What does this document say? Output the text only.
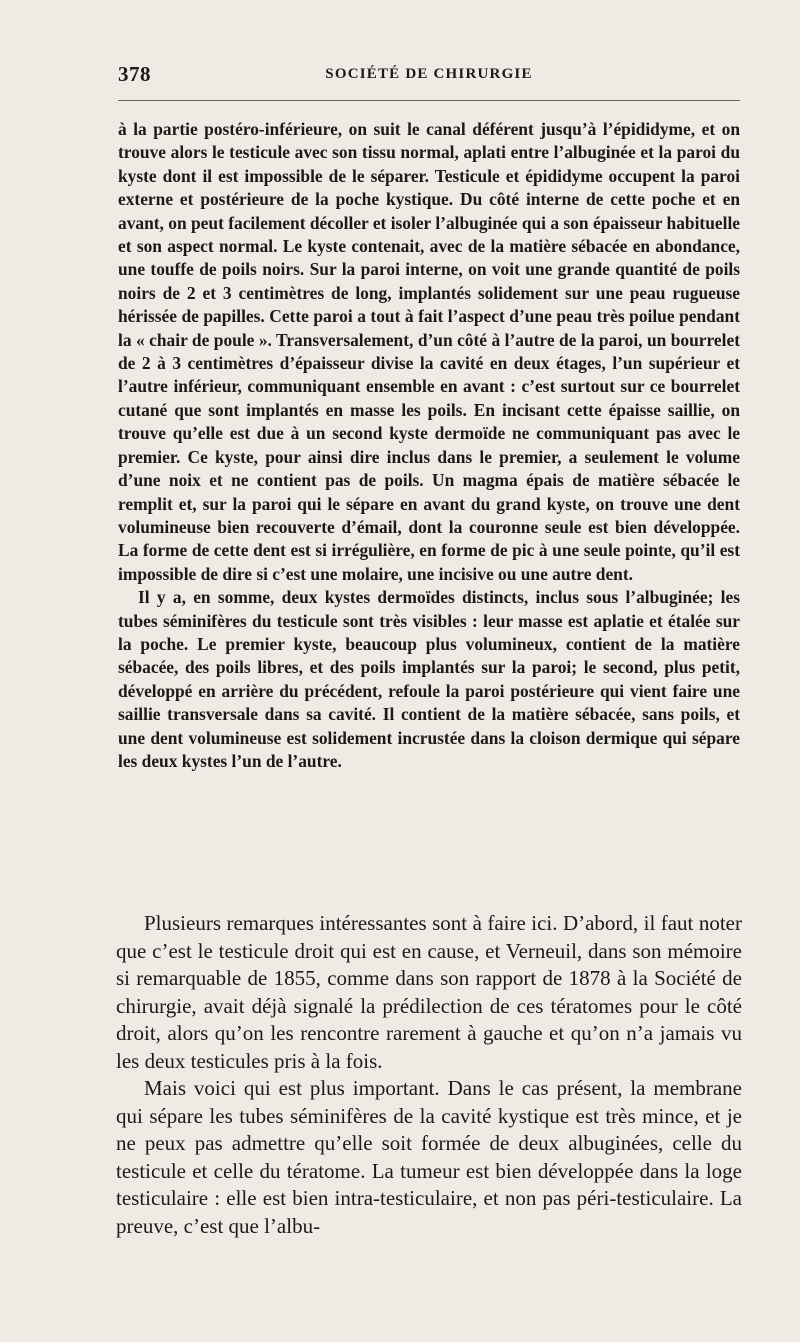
378	SOCIÉTÉ DE CHIRURGIE

à la partie postéro-inférieure, on suit le canal déférent jusqu’à l’épididyme, et on trouve alors le testicule avec son tissu normal, aplati entre l’albuginée et la paroi du kyste dont il est impossible de le séparer. Testicule et épididyme occupent la paroi externe et postérieure de la poche kystique. Du côté interne de cette poche et en avant, on peut facilement décoller et isoler l’albuginée qui a son épaisseur habituelle et son aspect normal. Le kyste contenait, avec de la matière sébacée en abondance, une touffe de poils noirs. Sur la paroi interne, on voit une grande quantité de poils noirs de 2 et 3 centimètres de long, implantés solidement sur une peau rugueuse hérissée de papilles. Cette paroi a tout à fait l’aspect d’une peau très poilue pendant la « chair de poule ». Transversalement, d’un côté à l’autre de la paroi, un bourrelet de 2 à 3 centimètres d’épaisseur divise la cavité en deux étages, l’un supérieur et l’autre inférieur, communiquant ensemble en avant : c’est surtout sur ce bourrelet cutané que sont implantés en masse les poils. En incisant cette épaisse saillie, on trouve qu’elle est due à un second kyste dermoïde ne communiquant pas avec le premier. Ce kyste, pour ainsi dire inclus dans le premier, a seulement le volume d’une noix et ne contient pas de poils. Un magma épais de matière sébacée le remplit et, sur la paroi qui le sépare en avant du grand kyste, on trouve une dent volumineuse bien recouverte d’émail, dont la couronne seule est bien développée. La forme de cette dent est si irrégulière, en forme de pic à une seule pointe, qu’il est impossible de dire si c’est une molaire, une incisive ou une autre dent.

Il y a, en somme, deux kystes dermoïdes distincts, inclus sous l’albuginée; les tubes séminifères du testicule sont très visibles : leur masse est aplatie et étalée sur la poche. Le premier kyste, beaucoup plus volumineux, contient de la matière sébacée, des poils libres, et des poils implantés sur la paroi; le second, plus petit, développé en arrière du précédent, refoule la paroi postérieure qui vient faire une saillie transversale dans sa cavité. Il contient de la matière sébacée, sans poils, et une dent volumineuse est solidement incrustée dans la cloison dermique qui sépare les deux kystes l’un de l’autre.

Plusieurs remarques intéressantes sont à faire ici. D’abord, il faut noter que c’est le testicule droit qui est en cause, et Verneuil, dans son mémoire si remarquable de 1855, comme dans son rapport de 1878 à la Société de chirurgie, avait déjà signalé la prédilection de ces tératomes pour le côté droit, alors qu’on les rencontre rarement à gauche et qu’on n’a jamais vu les deux testicules pris à la fois.

Mais voici qui est plus important. Dans le cas présent, la membrane qui sépare les tubes séminifères de la cavité kystique est très mince, et je ne peux pas admettre qu’elle soit formée de deux albuginées, celle du testicule et celle du tératome. La tumeur est bien développée dans la loge testiculaire : elle est bien intra-testiculaire, et non pas péri-testiculaire. La preuve, c’est que l’albu-
